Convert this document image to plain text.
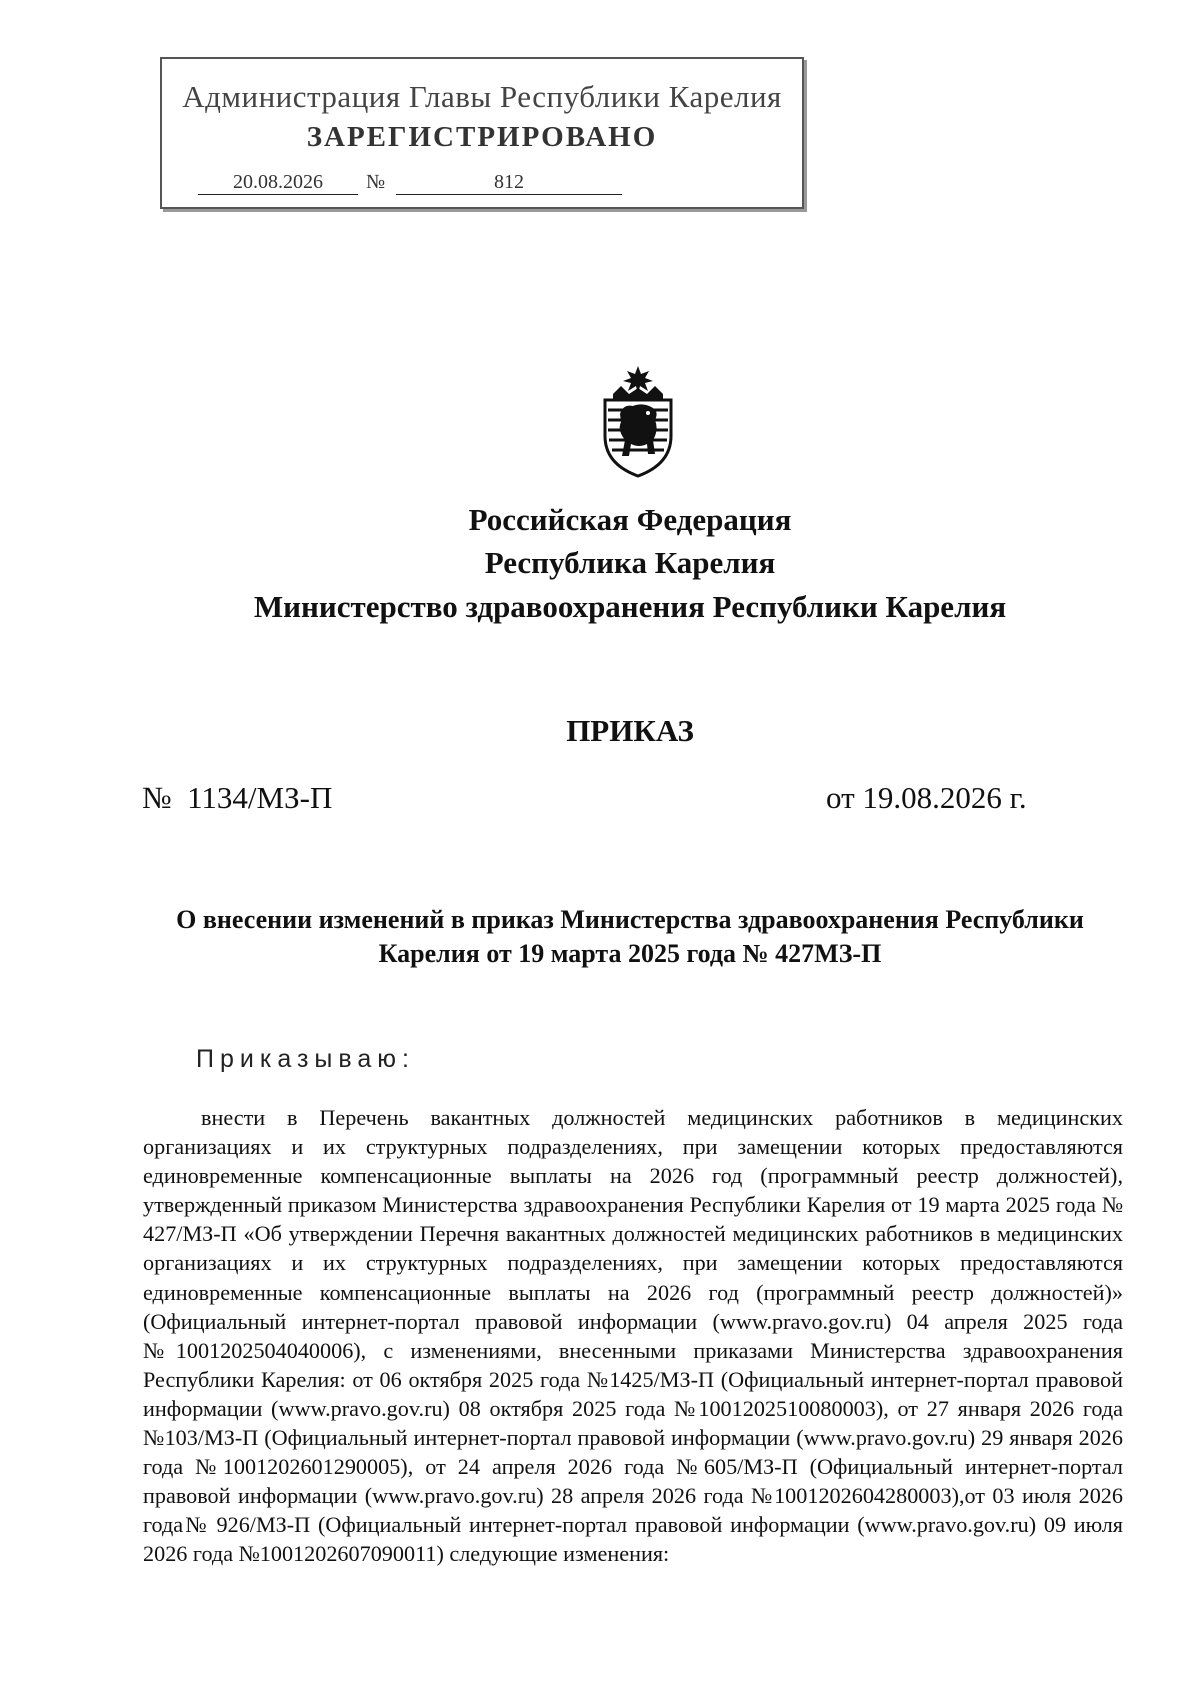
Администрация Главы Республики Карелия
ЗАРЕГИСТРИРОВАНО
20.08.2026	№	812
Российская Федерация
Республика Карелия
Министерство здравоохранения Республики Карелия
ПРИКАЗ
№  1134/МЗ-П	от 19.08.2026 г.
О внесении изменений в приказ Министерства здравоохранения Республики Карелия от 19 марта 2025 года № 427МЗ-П
Приказываю:
внести в Перечень вакантных должностей медицинских работников в медицинских организациях и их структурных подразделениях, при замещении которых предоставляются единовременные компенсационные выплаты на 2026 год (программный реестр должностей), утвержденный приказом Министерства здравоохранения Республики Карелия от 19 марта 2025 года № 427/МЗ-П «Об утверждении Перечня вакантных должностей медицинских работников в медицинских организациях и их структурных подразделениях, при замещении которых предоставляются единовременные компенсационные выплаты на 2026 год (программный реестр должностей)» (Официальный интернет-портал правовой информации (www.pravo.gov.ru) 04 апреля 2025 года №1001202504040006), с изменениями, внесенными приказами Министерства здравоохранения Республики Карелия: от 06 октября 2025 года №1425/МЗ-П (Официальный интернет-портал правовой информации (www.pravo.gov.ru) 08 октября 2025 года №1001202510080003), от 27 января 2026 года №103/МЗ-П (Официальный интернет-портал правовой информации (www.pravo.gov.ru) 29 января 2026 года №1001202601290005), от 24 апреля 2026 года №605/МЗ-П (Официальный интернет-портал правовой информации (www.pravo.gov.ru) 28 апреля 2026 года №1001202604280003),от 03 июля 2026 года№ 926/МЗ-П (Официальный интернет-портал правовой информации (www.pravo.gov.ru) 09 июля 2026 года №1001202607090011) следующие изменения:
